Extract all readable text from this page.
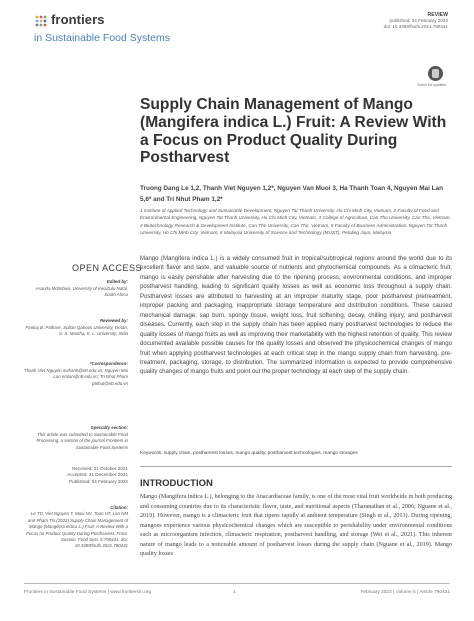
frontiers
in Sustainable Food Systems
REVIEW
published: 04 February 2022
doi: 10.3389/fsufs.2021.790431
Check for updates
Supply Chain Management of Mango (Mangifera indica L.) Fruit: A Review With a Focus on Product Quality During Postharvest
Truong Dang Le 1,2, Thanh Viet Nguyen 1,2*, Nguyen Van Muoi 3, Ha Thanh Toan 4, Nguyen Mai Lan 5,6* and Tri Nhut Pham 1,2*
1 Institute of Applied Technology and Sustainable Development, Nguyen Tat Thanh University, Ho Chi Minh City, Vietnam, 2 Faculty of Food and Environmental Engineering, Nguyen Tat Thanh University, Ho Chi Minh City, Vietnam, 3 College of Agriculture, Can Tho University, Can Tho, Vietnam, 4 Biotechnology Research & Development Institute, Can Tho University, Can Tho, Vietnam, 5 Faculty of Business Administration, Nguyen Tat Thanh University, Ho Chi Minh City, Vietnam, 6 Malaysia University of Science and Technology (MUST), Petaling Jaya, Malaysia
OPEN ACCESS
Edited by:
Asanda Mditshwa, University of KwaZulu-Natal, South Africa
Reviewed by:
Pankaj B. Pathare, Sultan Qaboos University, Oman; S. S. Mantha, K. L. University, India
*Correspondence:
Thanh Viet Nguyen nvthanh@ntt.edu.vn; Nguyen Mai Lan nmlan@ntt.edu.vn; Tri Nhut Pham ptnhut@ntt.edu.vn
Specialty section:
This article was submitted to Sustainable Food Processing, a section of the journal Frontiers in Sustainable Food Systems
Received: 21 October 2021
Accepted: 31 December 2021
Published: 04 February 2022
Citation:
Le TD, Viet Nguyen T, Muoi NV, Toan HT, Lan NM and Pham TN (2022) Supply Chain Management of Mango (Mangifera indica L.) Fruit: A Review With a Focus on Product Quality During Postharvest. Front. Sustain. Food Syst. 5:790431. doi: 10.3389/fsufs.2021.790431
Mango (Mangifera indica L.) is a widely consumed fruit in tropical/subtropical regions around the world due to its excellent flavor and taste, and valuable source of nutrients and phytochemical compounds. As a climacteric fruit, mango is easily perishable after harvesting due to the ripening process, environmental conditions, and improper postharvest handling, leading to significant quality losses as well as economic loss throughout a supply chain. Postharvest losses are attributed to harvesting at an improper maturity stage, poor postharvest pretreatment, improper packing and packaging, inappropriate storage temperature and distribution conditions. These caused mechanical damage, sap burn, spongy tissue, weight loss, fruit softening, decay, chilling injury, and postharvest diseases. Currently, each step in the supply chain has been applied many postharvest technologies to reduce the quality losses of mango fruits as well as improving their marketability with the highest retention of quality. This review documented available possible causes for the quality losses and observed the physicochemical changes of mango fruit when applying postharvest technologies at each critical step in the mango supply chain from harvesting, pre-treatment, packaging, storage, to distribution. The summarized information is expected to provide comprehensive quality changes of mango fruits and point out the proper technology at each step of the supply chain.
Keywords: supply chain, postharvest losses, mango quality, postharvest technologies, mango storages
INTRODUCTION
Mango (Mangifera indica L.), belonging to the Anacardiaceae family, is one of the most vital fruit worldwide in both producing and consuming countries due to its characteristic flavor, taste, and nutritional aspects (Tharanathan et al., 2006; Nguane et al., 2019). However, mango is a climacteric fruit that ripens rapidly at ambient temperature (Singh et al., 2013). During ripening, mangoes experience various physicochemical changes which are susceptible to perishability under environmental conditions such as microorganism infection, climacteric respiration, postharvest handling, and storage (Wei et al., 2021). This inherent nature of mango leads to a noticeable amount of postharvest losses during the supply chain (Nguane et al., 2019). Mango quality losses
Frontiers in Sustainable Food Systems | www.frontiersin.org	1	February 2022 | Volume 5 | Article 790431
